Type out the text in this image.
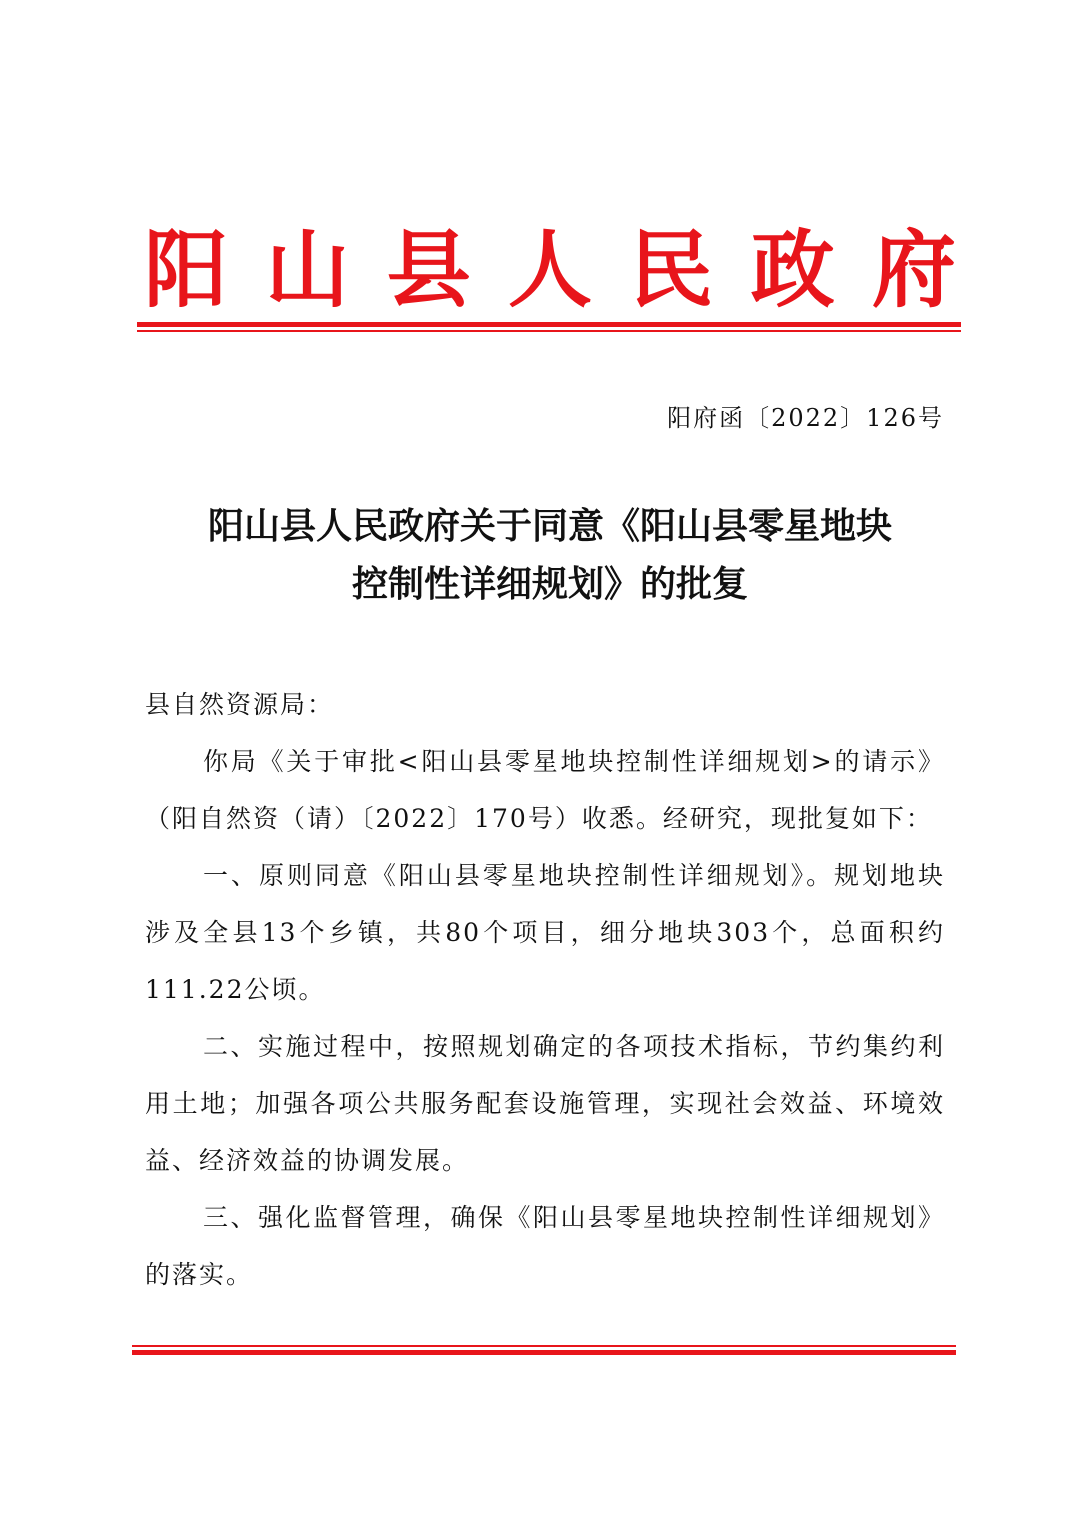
阳 山 县 人 民 政 府
阳府函〔2022〕126号
阳山县人民政府关于同意《阳山县零星地块
控制性详细规划》的批复

县自然资源局：

你局《关于审批<阳山县零星地块控制性详细规划>的请示》（阳自然资（请）〔2022〕170号）收悉。经研究，现批复如下：

一、原则同意《阳山县零星地块控制性详细规划》。规划地块涉及全县13个乡镇，共80个项目，细分地块303个，总面积约111.22公顷。

二、实施过程中，按照规划确定的各项技术指标，节约集约利用土地；加强各项公共服务配套设施管理，实现社会效益、环境效益、经济效益的协调发展。

三、强化监督管理，确保《阳山县零星地块控制性详细规划》的落实。
